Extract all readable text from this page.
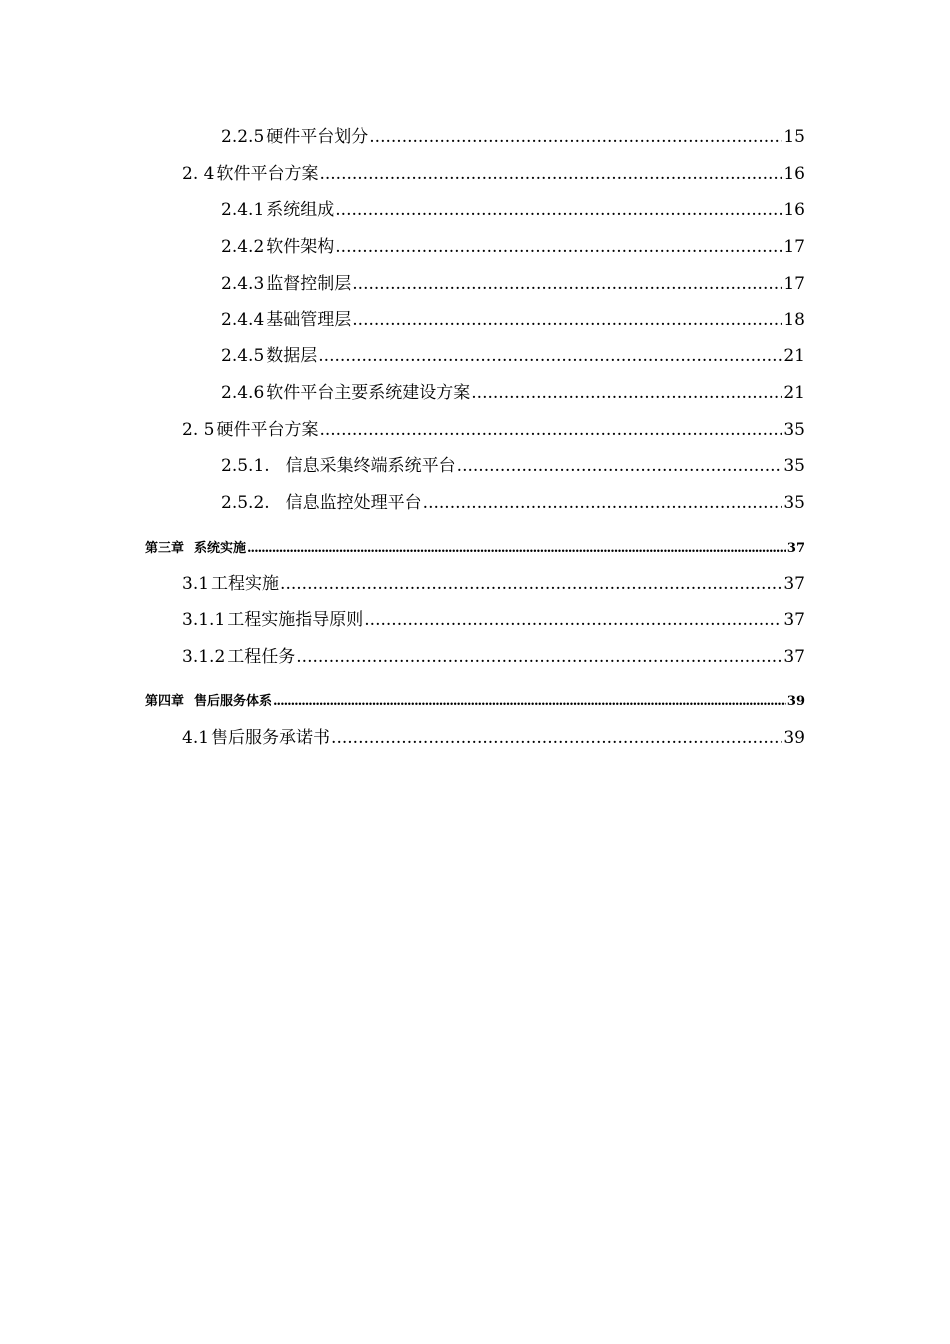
2.2.5 硬件平台划分 .....	15
2. 4 软件平台方案 .....	16
2.4.1 系统组成 .....	16
2.4.2 软件架构 .....	17
2.4.3 监督控制层 .....	17
2.4.4 基础管理层 .....	18
2.4.5 数据层 .....	21
2.4.6 软件平台主要系统建设方案 .....	21
2. 5 硬件平台方案 .....	35
2.5.1. 信息采集终端系统平台 .....	35
2.5.2. 信息监控处理平台 .....	35
第三章 系统实施 .....	37
3.1 工程实施 .....	37
3.1.1 工程实施指导原则 .....	37
3.1.2 工程任务 .....	37
第四章 售后服务体系 .....	39
4.1 售后服务承诺书 .....	39
